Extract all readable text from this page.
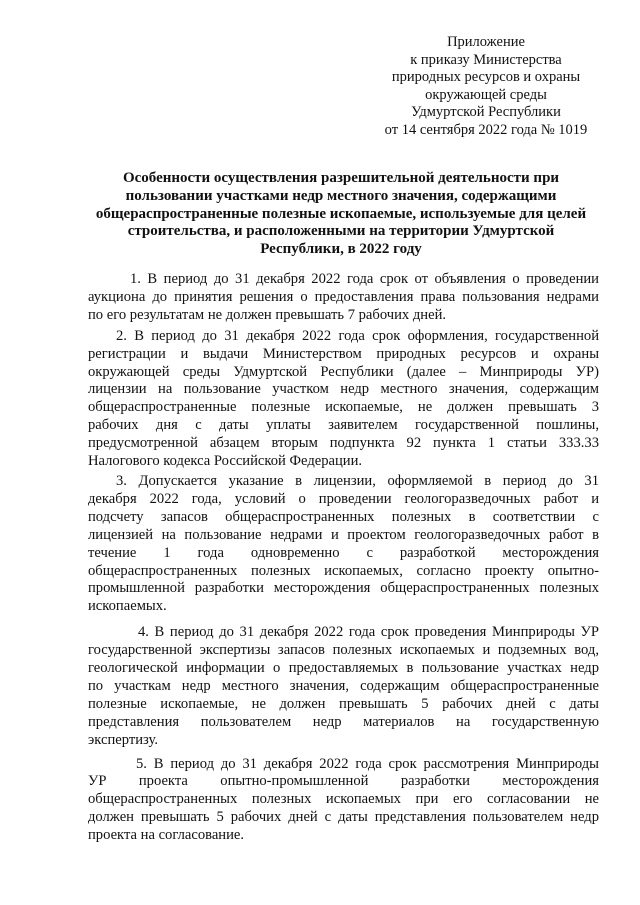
Приложение
к приказу Министерства
природных ресурсов и охраны
окружающей среды
Удмуртской Республики
от 14 сентября 2022 года № 1019
Особенности осуществления разрешительной деятельности при
пользовании участками недр местного значения, содержащими
общераспространенные полезные ископаемые, используемые для целей
строительства, и расположенными на территории Удмуртской
Республики, в 2022 году

1. В период до 31 декабря 2022 года срок от объявления о проведении
аукциона до принятия решения о предоставления права пользования недрами
по его результатам не должен превышать 7 рабочих дней.

2. В период до 31 декабря 2022 года срок оформления, государственной
регистрации и выдачи Министерством природных ресурсов и охраны
окружающей среды Удмуртской Республики (далее – Минприроды УР)
лицензии на пользование участком недр местного значения, содержащим
общераспространенные полезные ископаемые, не должен превышать 3
рабочих дня с даты уплаты заявителем государственной пошлины,
предусмотренной абзацем вторым подпункта 92 пункта 1 статьи 333.33
Налогового кодекса Российской Федерации.

3. Допускается указание в лицензии, оформляемой в период до 31
декабря 2022 года, условий о проведении геологоразведочных работ и
подсчету запасов общераспространенных полезных в соответствии с
лицензией на пользование недрами и проектом геологоразведочных работ в
течение 1 года одновременно с разработкой месторождения
общераспространенных полезных ископаемых, согласно проекту опытно-
промышленной разработки месторождения общераспространенных полезных
ископаемых.

4. В период до 31 декабря 2022 года срок проведения Минприроды УР
государственной экспертизы запасов полезных ископаемых и подземных вод,
геологической информации о предоставляемых в пользование участках недр
по участкам недр местного значения, содержащим общераспространенные
полезные ископаемые, не должен превышать 5 рабочих дней с даты
представления пользователем недр материалов на государственную
экспертизу.

5. В период до 31 декабря 2022 года срок рассмотрения Минприроды
УР проекта опытно-промышленной разработки месторождения
общераспространенных полезных ископаемых при его согласовании не
должен превышать 5 рабочих дней с даты представления пользователем недр
проекта на согласование.
